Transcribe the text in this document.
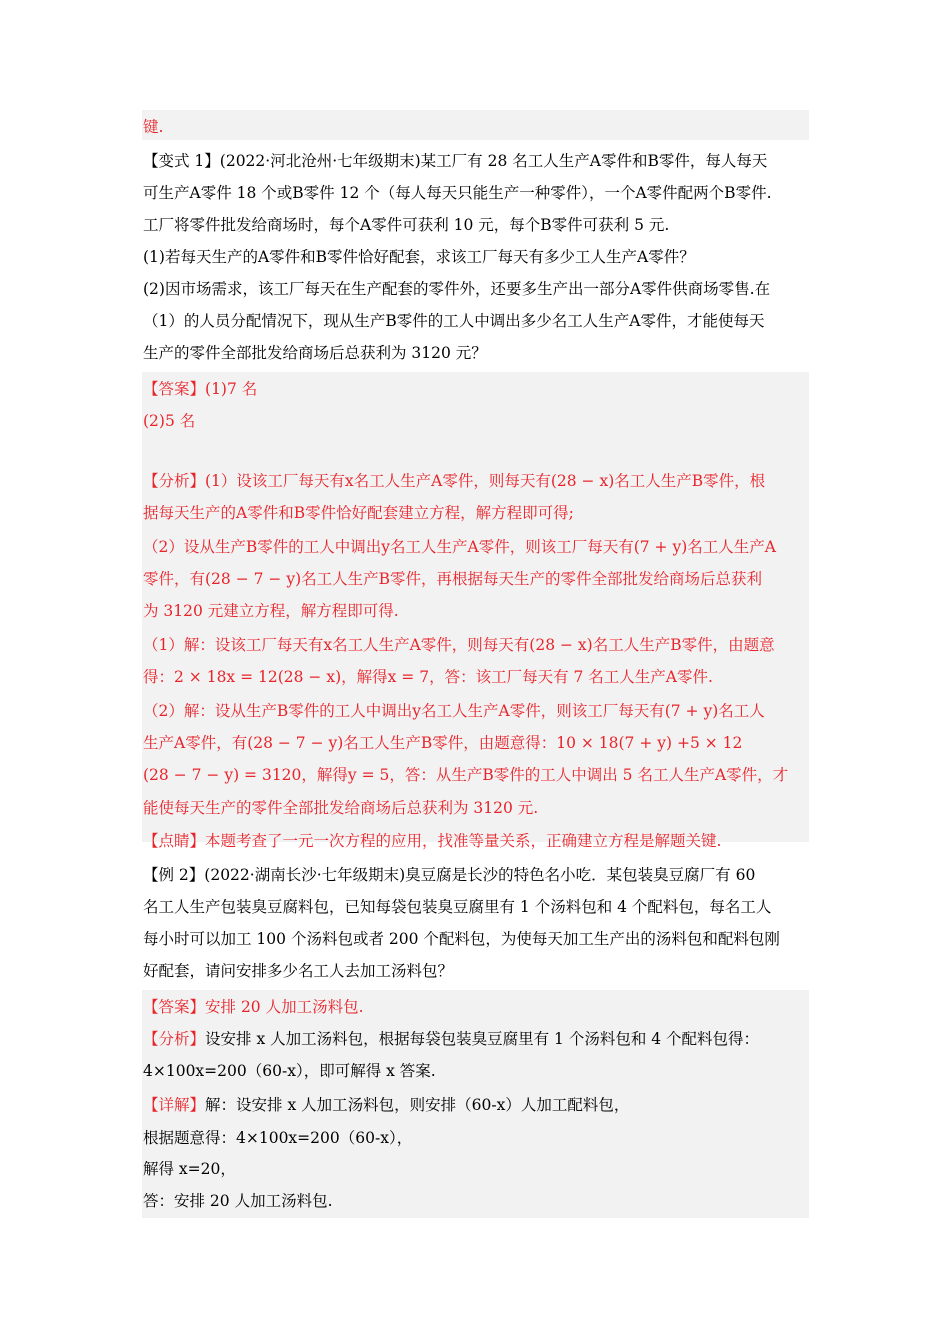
键.
【变式 1】(2022·河北沧州·七年级期末)某工厂有 28 名工人生产A零件和B零件，每人每天
可生产A零件 18 个或B零件 12 个（每人每天只能生产一种零件），一个A零件配两个B零件.
工厂将零件批发给商场时，每个A零件可获利 10 元，每个B零件可获利 5 元.
(1)若每天生产的A零件和B零件恰好配套，求该工厂每天有多少工人生产A零件？
(2)因市场需求，该工厂每天在生产配套的零件外，还要多生产出一部分A零件供商场零售.在
（1）的人员分配情况下，现从生产B零件的工人中调出多少名工人生产A零件，才能使每天
生产的零件全部批发给商场后总获利为 3120 元？
【答案】(1)7 名
(2)5 名
【分析】(1）设该工厂每天有x名工人生产A零件，则每天有(28 − x)名工人生产B零件，根
据每天生产的A零件和B零件恰好配套建立方程，解方程即可得;
（2）设从生产B零件的工人中调出y名工人生产A零件，则该工厂每天有(7 + y)名工人生产A
零件，有(28 − 7 − y)名工人生产B零件，再根据每天生产的零件全部批发给商场后总获利
为 3120 元建立方程，解方程即可得.
（1）解：设该工厂每天有x名工人生产A零件，则每天有(28 − x)名工人生产B零件，由题意
得：2 × 18x = 12(28 − x)，解得x = 7，答：该工厂每天有 7 名工人生产A零件.
（2）解：设从生产B零件的工人中调出y名工人生产A零件，则该工厂每天有(7 + y)名工人
生产A零件，有(28 − 7 − y)名工人生产B零件，由题意得：10 × 18(7 + y) +5 × 12
(28 − 7 − y) = 3120，解得y = 5，答：从生产B零件的工人中调出 5 名工人生产A零件，才
能使每天生产的零件全部批发给商场后总获利为 3120 元.
【点睛】本题考查了一元一次方程的应用，找准等量关系，正确建立方程是解题关键.
【例 2】(2022·湖南长沙·七年级期末)臭豆腐是长沙的特色名小吃．某包装臭豆腐厂有 60
名工人生产包装臭豆腐料包，已知每袋包装臭豆腐里有 1 个汤料包和 4 个配料包，每名工人
每小时可以加工 100 个汤料包或者 200 个配料包，为使每天加工生产出的汤料包和配料包刚
好配套，请问安排多少名工人去加工汤料包？
【答案】安排 20 人加工汤料包.
【分析】设安排 x 人加工汤料包，根据每袋包装臭豆腐里有 1 个汤料包和 4 个配料包得：
4×100x=200（60-x），即可解得 x 答案.
【详解】解：设安排 x 人加工汤料包，则安排（60-x）人加工配料包，
根据题意得：4×100x=200（60-x），
解得 x=20，
答：安排 20 人加工汤料包.
